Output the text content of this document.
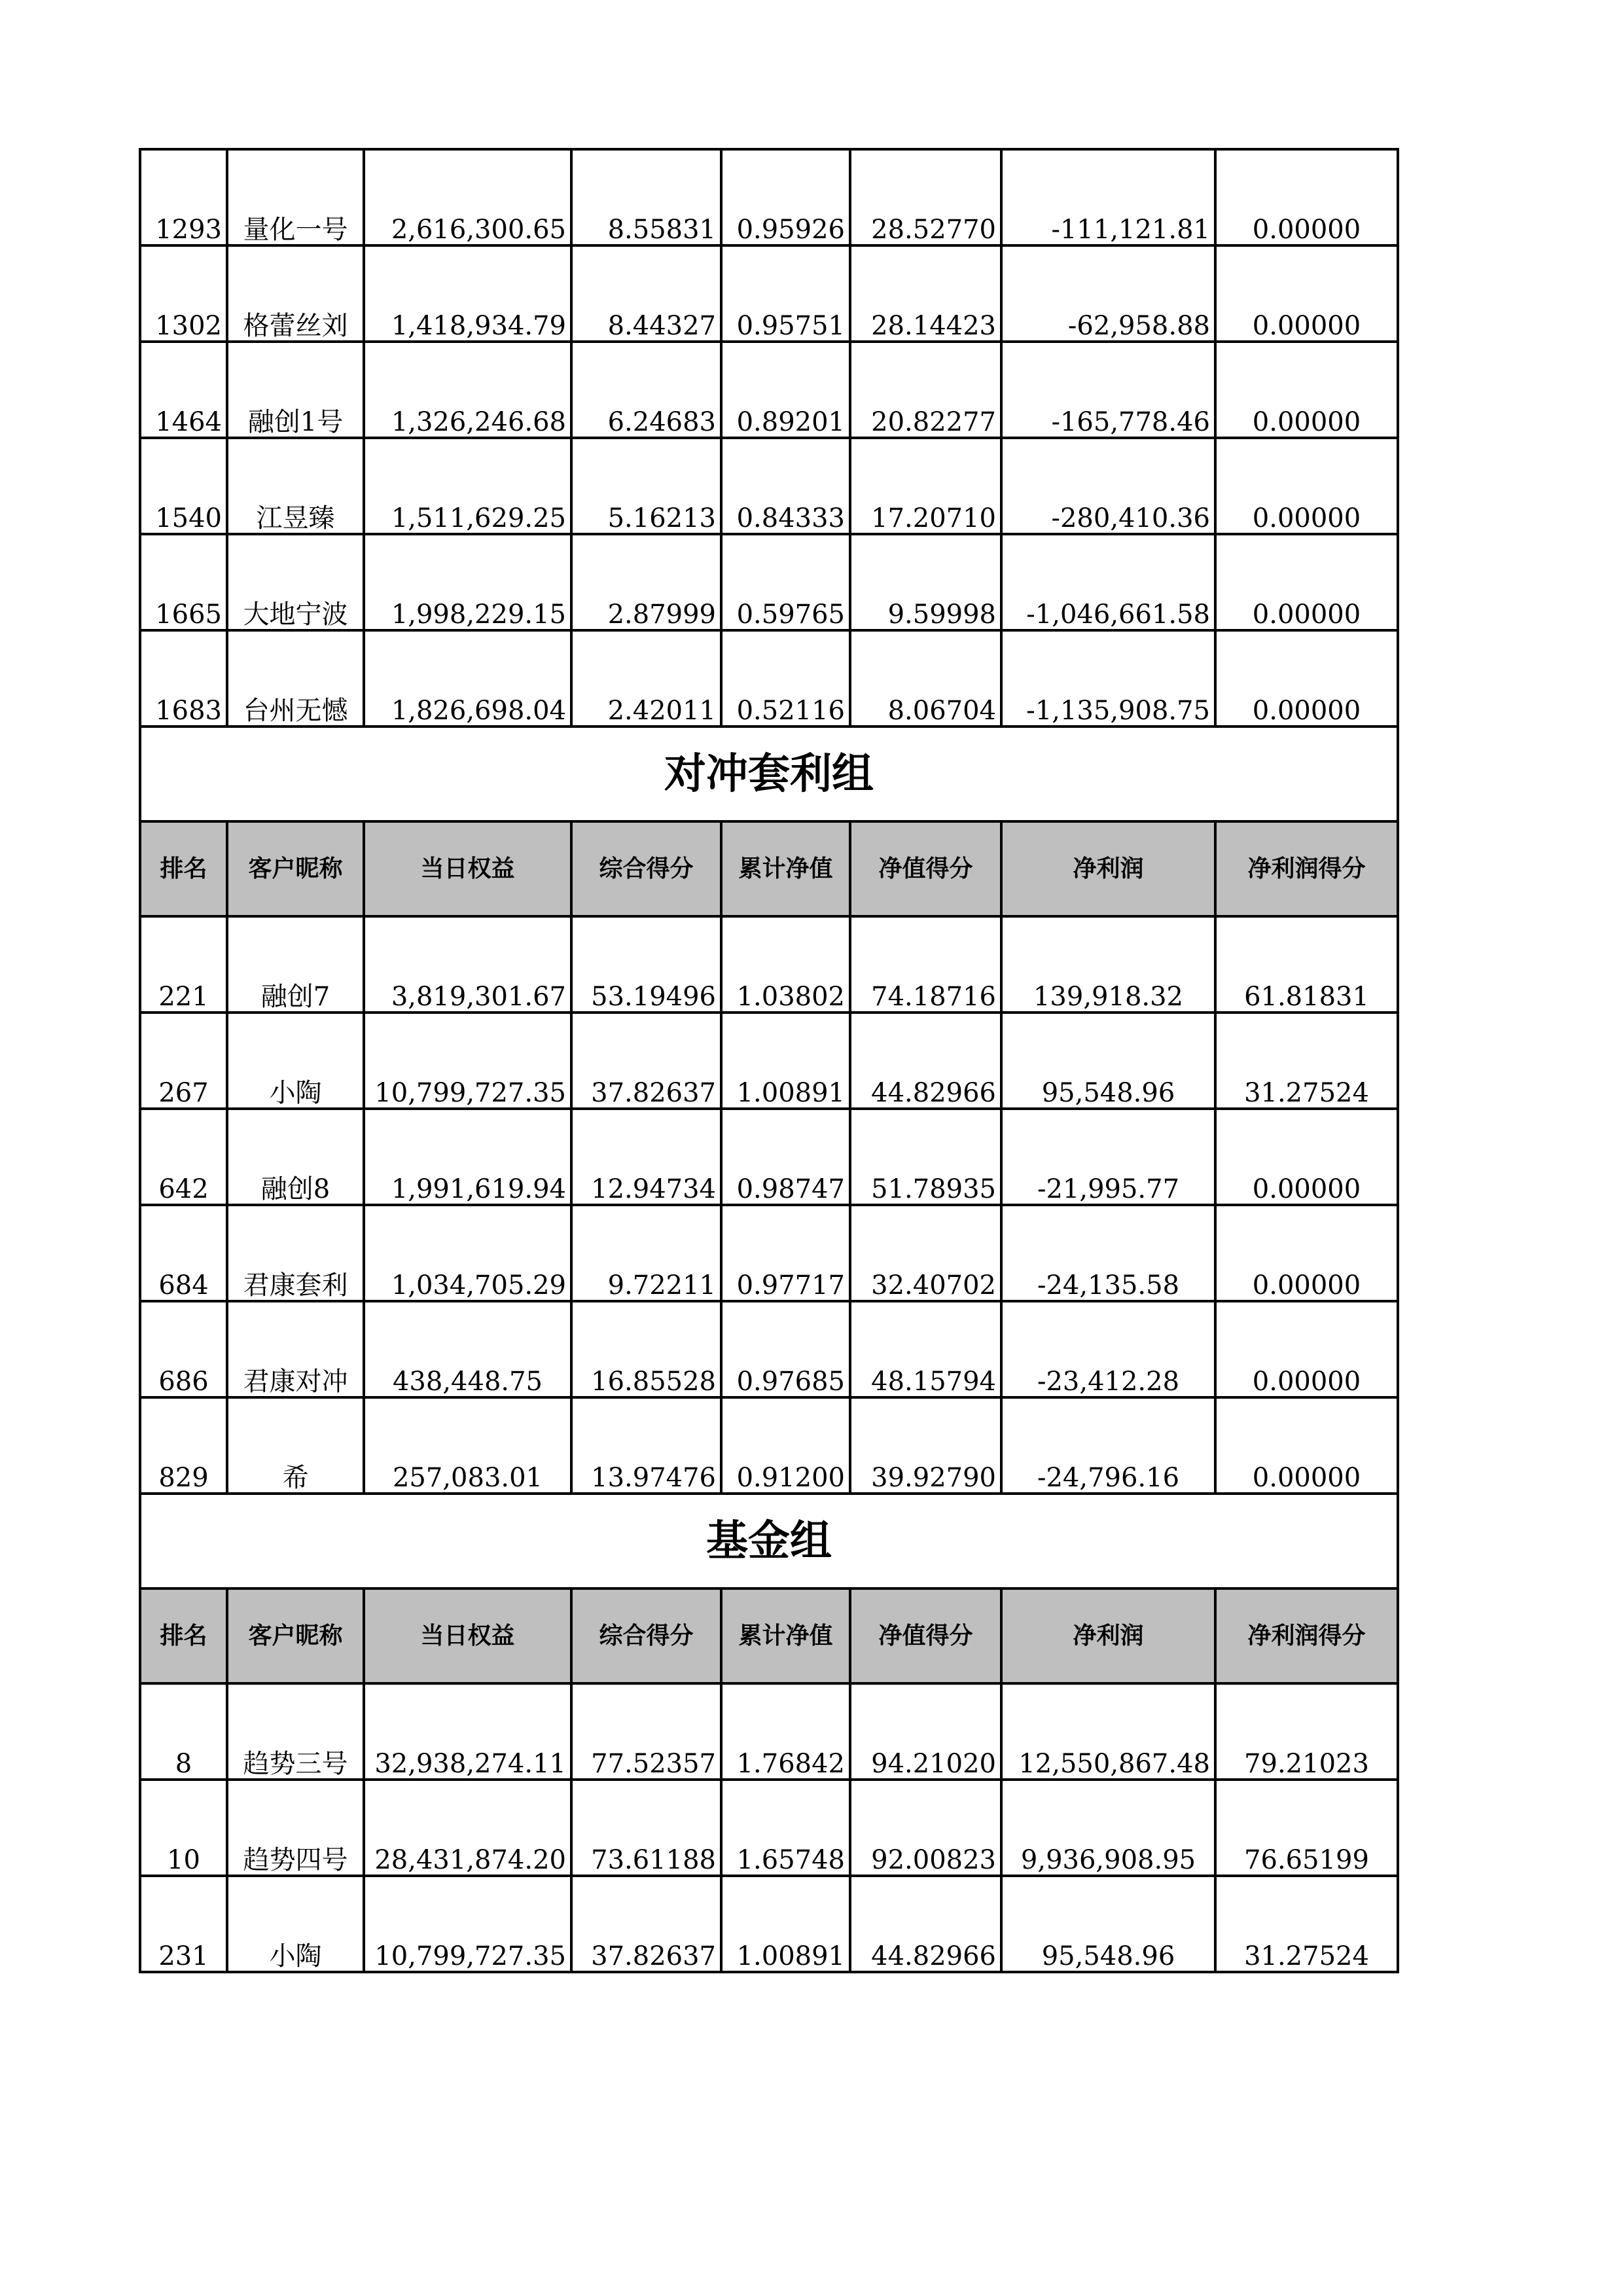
1293	量化一号	2,616,300.65	8.55831	0.95926	28.52770	-111,121.81	0.00000
1302	格蕾丝刘	1,418,934.79	8.44327	0.95751	28.14423	-62,958.88	0.00000
1464	融创1号	1,326,246.68	6.24683	0.89201	20.82277	-165,778.46	0.00000
1540	江昱臻	1,511,629.25	5.16213	0.84333	17.20710	-280,410.36	0.00000
1665	大地宁波	1,998,229.15	2.87999	0.59765	9.59998	-1,046,661.58	0.00000
1683	台州无憾	1,826,698.04	2.42011	0.52116	8.06704	-1,135,908.75	0.00000
对冲套利组							
排名	客户昵称	当日权益	综合得分	累计净值	净值得分	净利润	净利润得分
221	融创7	3,819,301.67	53.19496	1.03802	74.18716	139,918.32	61.81831
267	小陶	10,799,727.35	37.82637	1.00891	44.82966	95,548.96	31.27524
642	融创8	1,991,619.94	12.94734	0.98747	51.78935	-21,995.77	0.00000
684	君康套利	1,034,705.29	9.72211	0.97717	32.40702	-24,135.58	0.00000
686	君康对冲	438,448.75	16.85528	0.97685	48.15794	-23,412.28	0.00000
829	希	257,083.01	13.97476	0.91200	39.92790	-24,796.16	0.00000
基金组							
排名	客户昵称	当日权益	综合得分	累计净值	净值得分	净利润	净利润得分
8	趋势三号	32,938,274.11	77.52357	1.76842	94.21020	12,550,867.48	79.21023
10	趋势四号	28,431,874.20	73.61188	1.65748	92.00823	9,936,908.95	76.65199
231	小陶	10,799,727.35	37.82637	1.00891	44.82966	95,548.96	31.27524
